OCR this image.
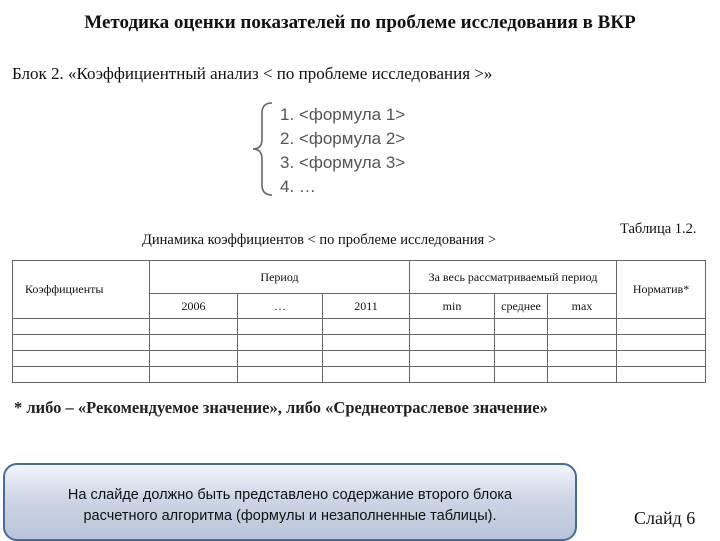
Методика оценки показателей по проблеме исследования в ВКР
Блок 2. «Коэффициентный анализ < по проблеме исследования >»
1. <формула 1>
2. <формула 2>
3. <формула 3>
4. …
Таблица 1.2.
Динамика коэффициентов < по проблеме исследования >
Коэффициенты	Период			За весь рассматриваемый период			Норматив*
	2006	…	2011	min	среднее	max	

* либо – «Рекомендуемое значение», либо «Среднеотраслевое значение»
На слайде должно быть представлено содержание второго блока
расчетного алгоритма (формулы и незаполненные таблицы).	Слайд 6
